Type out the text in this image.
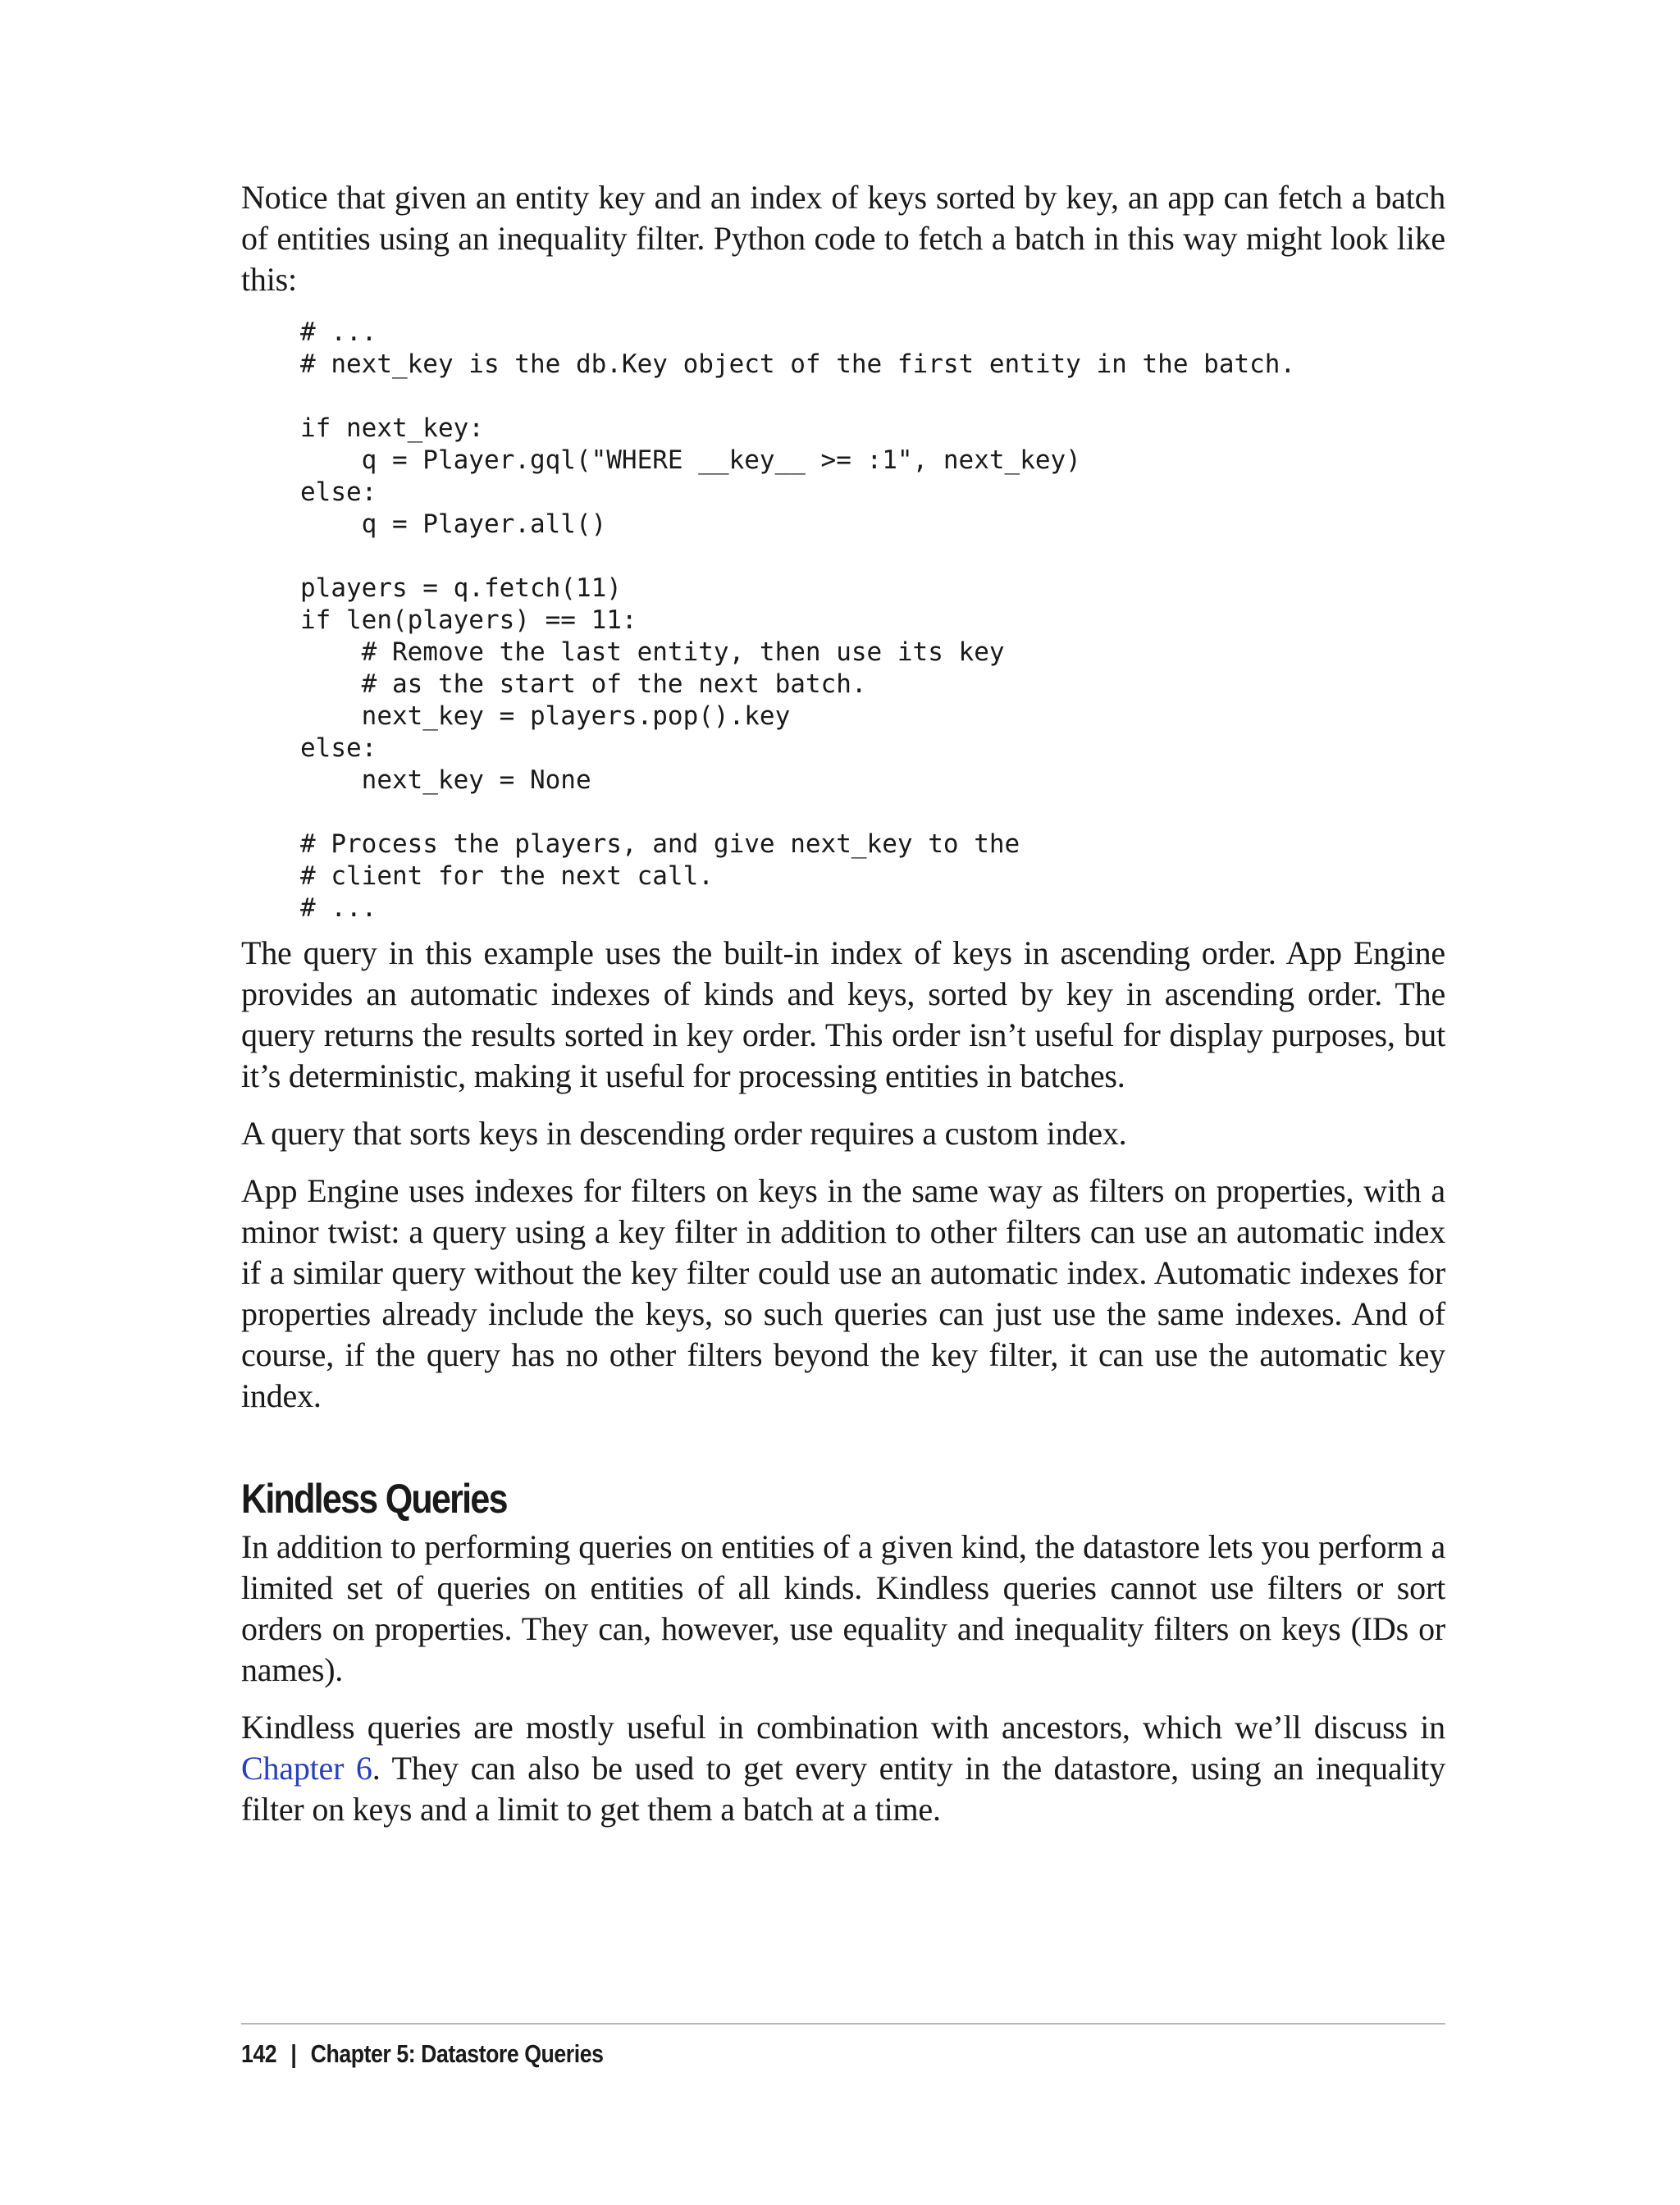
Notice that given an entity key and an index of keys sorted by key, an app can fetch a batch of entities using an inequality filter. Python code to fetch a batch in this way might look like this:

# ...
# next_key is the db.Key object of the first entity in the batch.
if next_key:
q = Player.gql("WHERE __key__ >= :1", next_key)
else:
q = Player.all()
players = q.fetch(11)
if len(players) == 11:
# Remove the last entity, then use its key
# as the start of the next batch.
next_key = players.pop().key
else:
next_key = None
# Process the players, and give next_key to the
# client for the next call.
# ...

The query in this example uses the built-in index of keys in ascending order. App Engine provides an automatic indexes of kinds and keys, sorted by key in ascending order. The query returns the results sorted in key order. This order isn’t useful for display purposes, but it’s deterministic, making it useful for processing entities in batches.

A query that sorts keys in descending order requires a custom index.

App Engine uses indexes for filters on keys in the same way as filters on properties, with a minor twist: a query using a key filter in addition to other filters can use an automatic index if a similar query without the key filter could use an automatic index. Automatic indexes for properties already include the keys, so such queries can just use the same indexes. And of course, if the query has no other filters beyond the key filter, it can use the automatic key index.

Kindless Queries

In addition to performing queries on entities of a given kind, the datastore lets you perform a limited set of queries on entities of all kinds. Kindless queries cannot use filters or sort orders on properties. They can, however, use equality and inequality filters on keys (IDs or names).

Kindless queries are mostly useful in combination with ancestors, which we’ll discuss in Chapter 6. They can also be used to get every entity in the datastore, using an inequality filter on keys and a limit to get them a batch at a time.

142 | Chapter 5: Datastore Queries
